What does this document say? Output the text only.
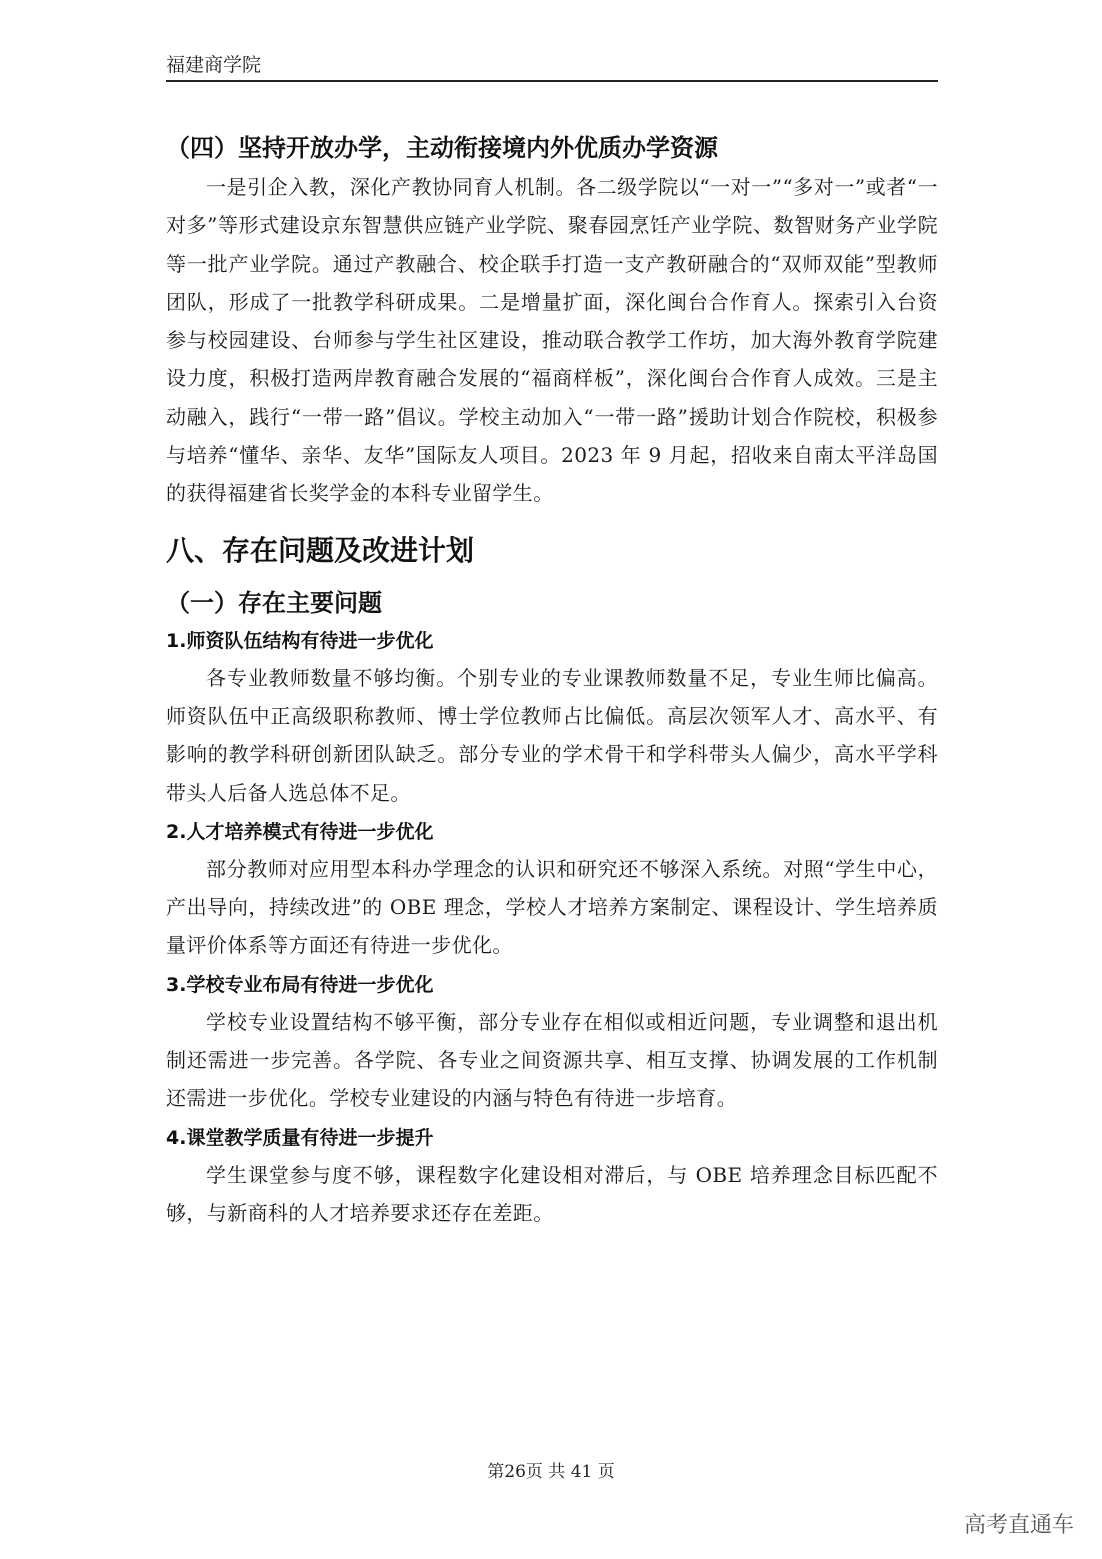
福建商学院
（四）坚持开放办学，主动衔接境内外优质办学资源

一是引企入教，深化产教协同育人机制。各二级学院以“一对一”“多对一”或者“一对多”等形式建设京东智慧供应链产业学院、聚春园烹饪产业学院、数智财务产业学院等一批产业学院。通过产教融合、校企联手打造一支产教研融合的“双师双能”型教师团队，形成了一批教学科研成果。二是增量扩面，深化闽台合作育人。探索引入台资参与校园建设、台师参与学生社区建设，推动联合教学工作坊，加大海外教育学院建设力度，积极打造两岸教育融合发展的“福商样板”，深化闽台合作育人成效。三是主动融入，践行“一带一路”倡议。学校主动加入“一带一路”援助计划合作院校，积极参与培养“懂华、亲华、友华”国际友人项目。2023 年 9 月起，招收来自南太平洋岛国的获得福建省长奖学金的本科专业留学生。

八、存在问题及改进计划
（一）存在主要问题
1.师资队伍结构有待进一步优化

各专业教师数量不够均衡。个别专业的专业课教师数量不足，专业生师比偏高。师资队伍中正高级职称教师、博士学位教师占比偏低。高层次领军人才、高水平、有影响的教学科研创新团队缺乏。部分专业的学术骨干和学科带头人偏少，高水平学科带头人后备人选总体不足。

2.人才培养模式有待进一步优化

部分教师对应用型本科办学理念的认识和研究还不够深入系统。对照“学生中心，产出导向，持续改进”的 OBE 理念，学校人才培养方案制定、课程设计、学生培养质量评价体系等方面还有待进一步优化。

3.学校专业布局有待进一步优化

学校专业设置结构不够平衡，部分专业存在相似或相近问题，专业调整和退出机制还需进一步完善。各学院、各专业之间资源共享、相互支撑、协调发展的工作机制还需进一步优化。学校专业建设的内涵与特色有待进一步培育。

4.课堂教学质量有待进一步提升

学生课堂参与度不够，课程数字化建设相对滞后，与 OBE 培养理念目标匹配不够，与新商科的人才培养要求还存在差距。

第26页 共 41 页
高考直通车
